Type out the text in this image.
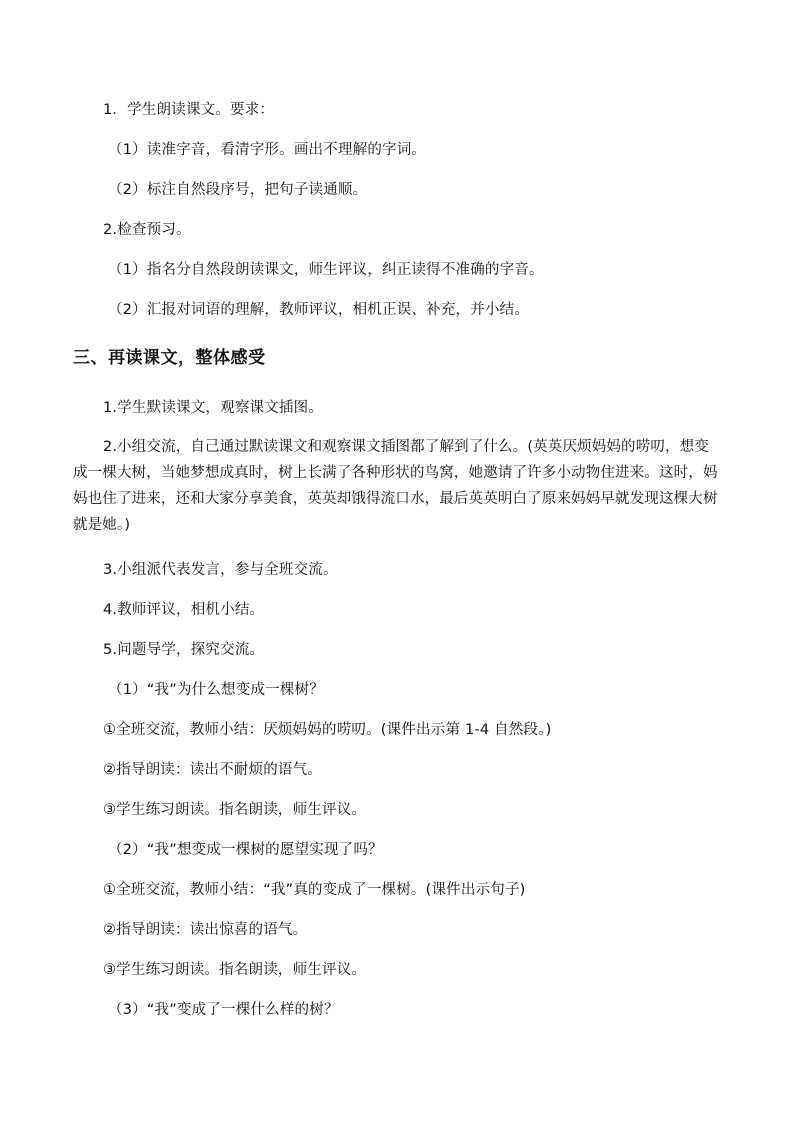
1．学生朗读课文。要求：
（1）读准字音，看清字形。画出不理解的字词。
（2）标注自然段序号，把句子读通顺。
2.检查预习。
（1）指名分自然段朗读课文，师生评议，纠正读得不准确的字音。
（2）汇报对词语的理解，教师评议，相机正误、补充，并小结。
三、再读课文，整体感受
1.学生默读课文，观察课文插图。
2.小组交流，自己通过默读课文和观察课文插图都了解到了什么。(英英厌烦妈妈的唠叨，想变成一棵大树，当她梦想成真时，树上长满了各种形状的鸟窝，她邀请了许多小动物住进来。这时，妈妈也住了进来，还和大家分享美食，英英却饿得流口水，最后英英明白了原来妈妈早就发现这棵大树就是她。)
3.小组派代表发言，参与全班交流。
4.教师评议，相机小结。
5.问题导学，探究交流。
（1）“我”为什么想变成一棵树？
①全班交流，教师小结：厌烦妈妈的唠叨。(课件出示第 1-4 自然段。)
②指导朗读：读出不耐烦的语气。
③学生练习朗读。指名朗读，师生评议。
（2）“我”想变成一棵树的愿望实现了吗？
①全班交流，教师小结：“我”真的变成了一棵树。(课件出示句子)
②指导朗读：读出惊喜的语气。
③学生练习朗读。指名朗读，师生评议。
（3）“我”变成了一棵什么样的树？
